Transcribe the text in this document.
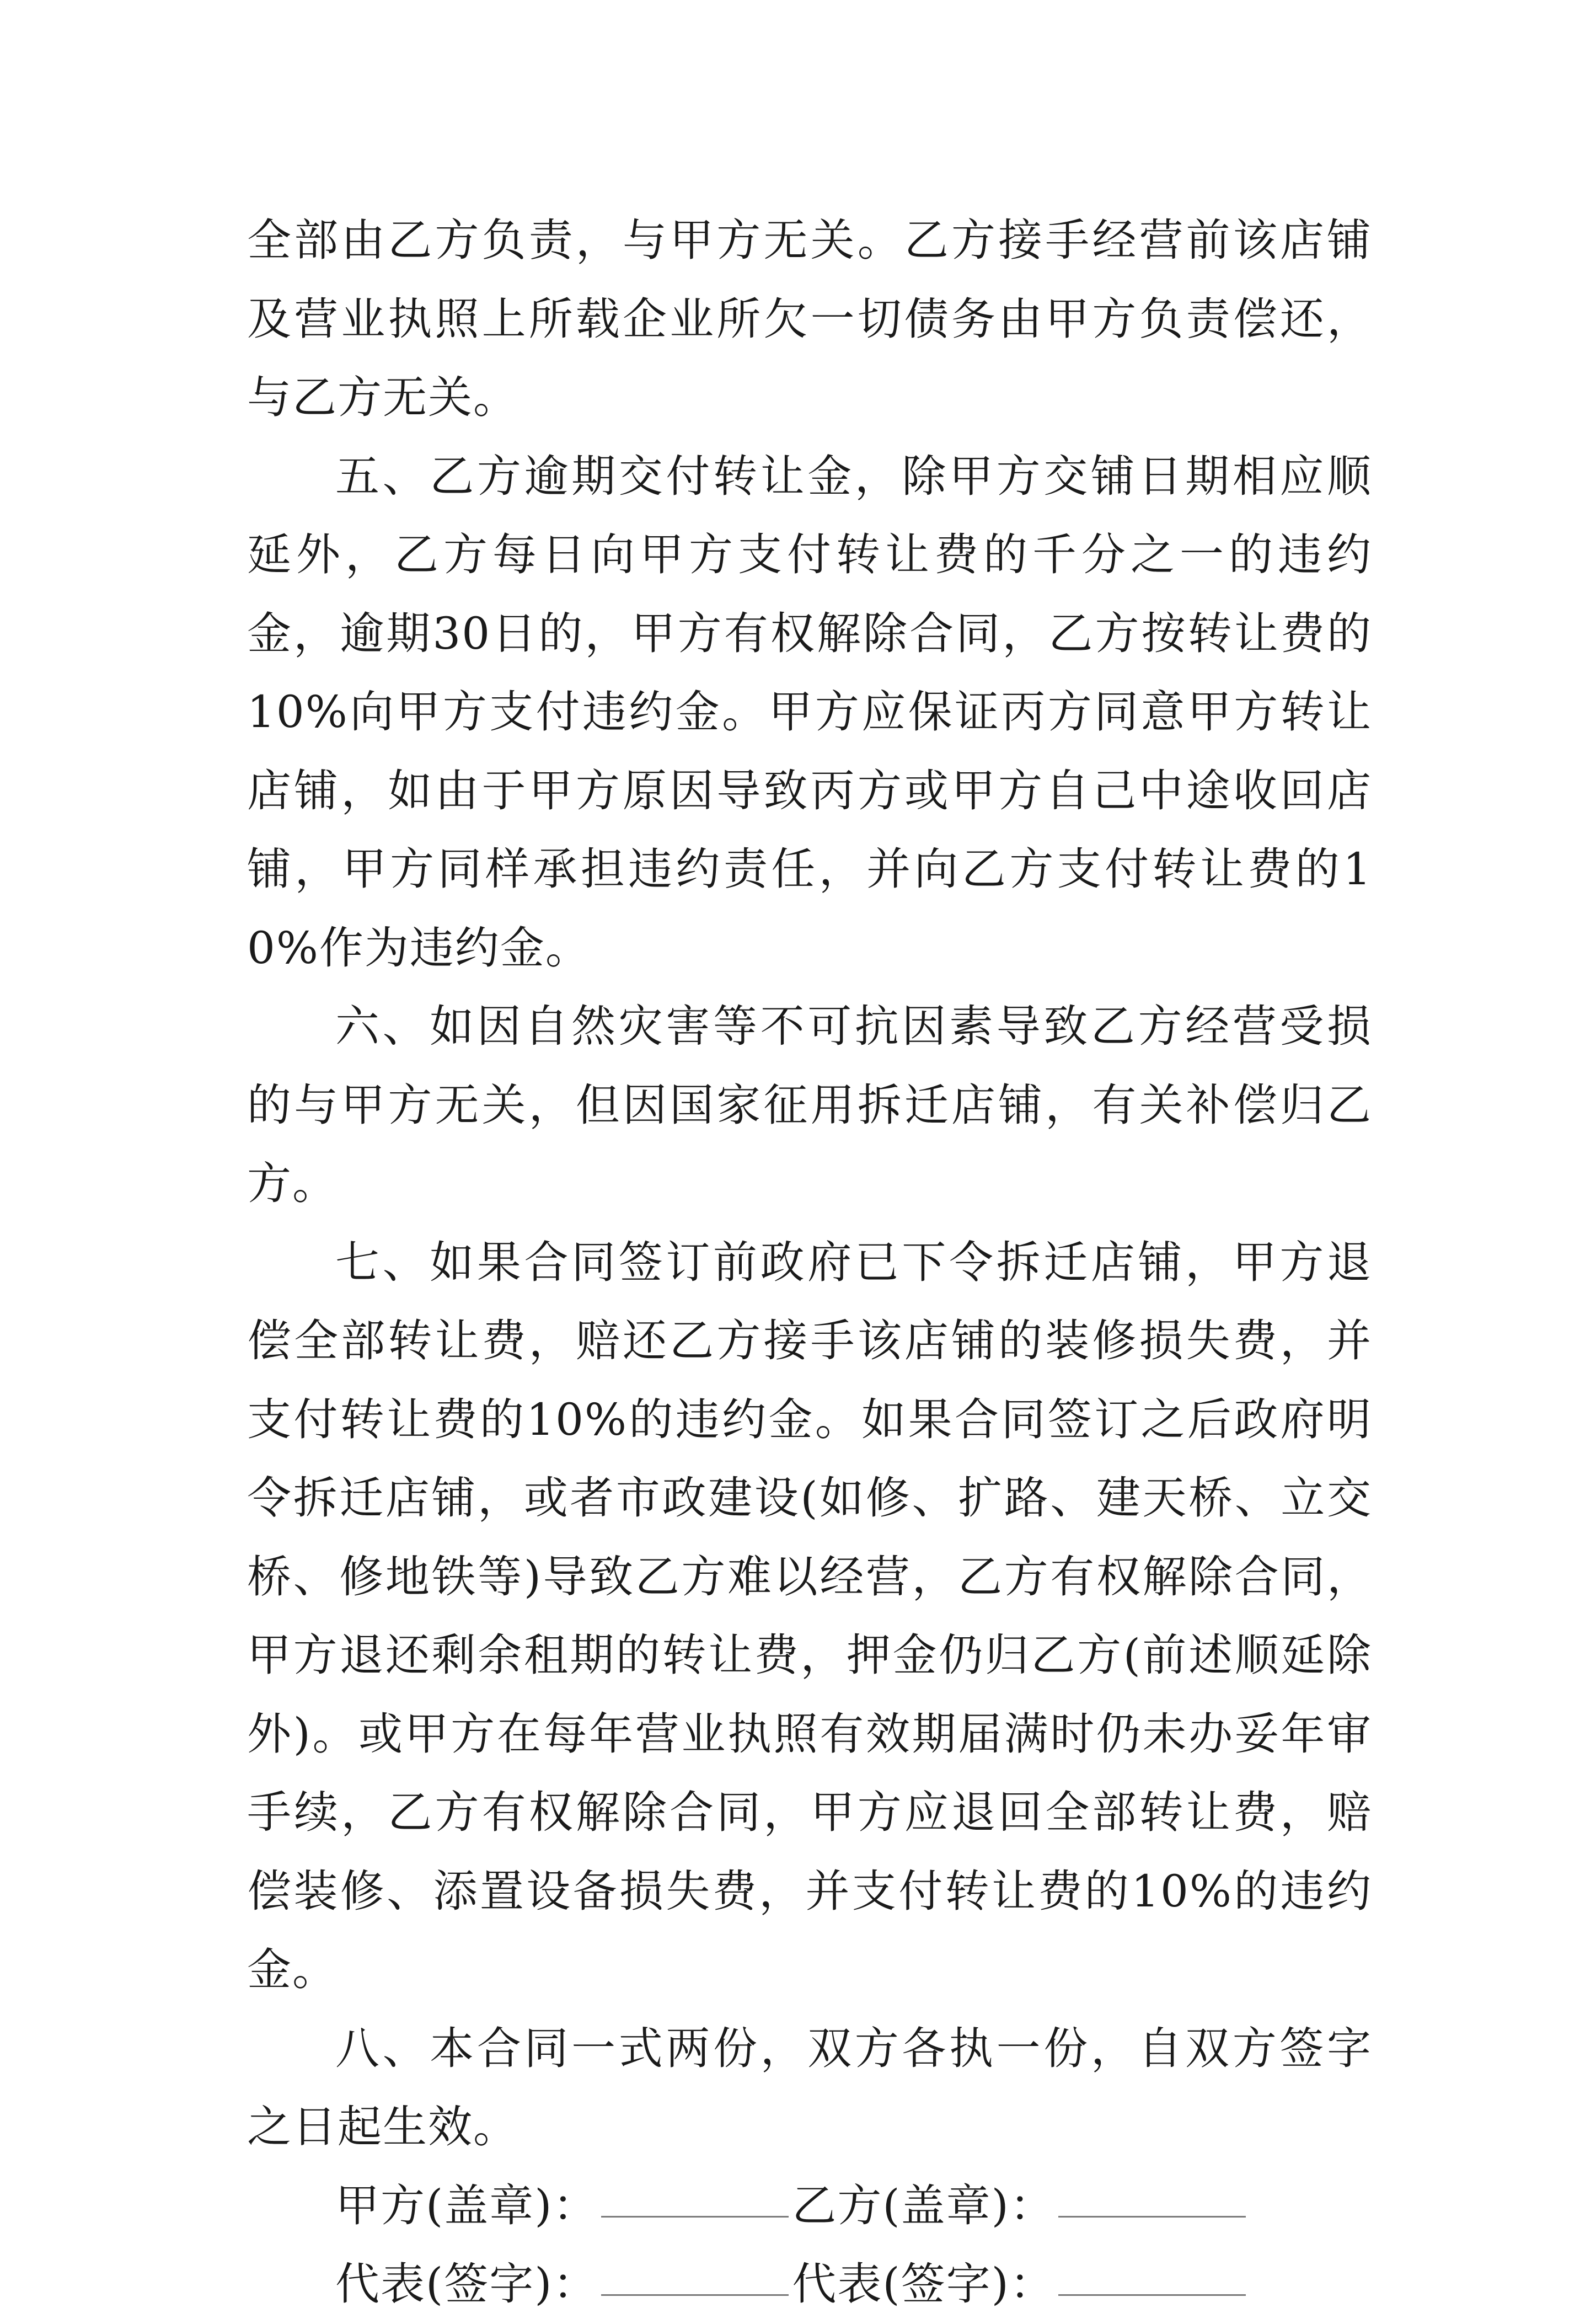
全部由乙方负责，与甲方无关。乙方接手经营前该店铺及营业执照上所载企业所欠一切债务由甲方负责偿还，与乙方无关。

五、乙方逾期交付转让金，除甲方交铺日期相应顺延外，乙方每日向甲方支付转让费的千分之一的违约金，逾期30日的，甲方有权解除合同，乙方按转让费的10%向甲方支付违约金。甲方应保证丙方同意甲方转让店铺，如由于甲方原因导致丙方或甲方自己中途收回店铺，甲方同样承担违约责任，并向乙方支付转让费的10%作为违约金。

六、如因自然灾害等不可抗因素导致乙方经营受损的与甲方无关，但因国家征用拆迁店铺，有关补偿归乙方。

七、如果合同签订前政府已下令拆迁店铺，甲方退偿全部转让费，赔还乙方接手该店铺的装修损失费，并支付转让费的10%的违约金。如果合同签订之后政府明令拆迁店铺，或者市政建设(如修、扩路、建天桥、立交桥、修地铁等)导致乙方难以经营，乙方有权解除合同，甲方退还剩余租期的转让费，押金仍归乙方(前述顺延除外)。或甲方在每年营业执照有效期届满时仍未办妥年审手续，乙方有权解除合同，甲方应退回全部转让费，赔偿装修、添置设备损失费，并支付转让费的10%的违约金。

八、本合同一式两份，双方各执一份，自双方签字之日起生效。

甲方(盖章)：	乙方(盖章)：
代表(签字)：	代表(签字)：
